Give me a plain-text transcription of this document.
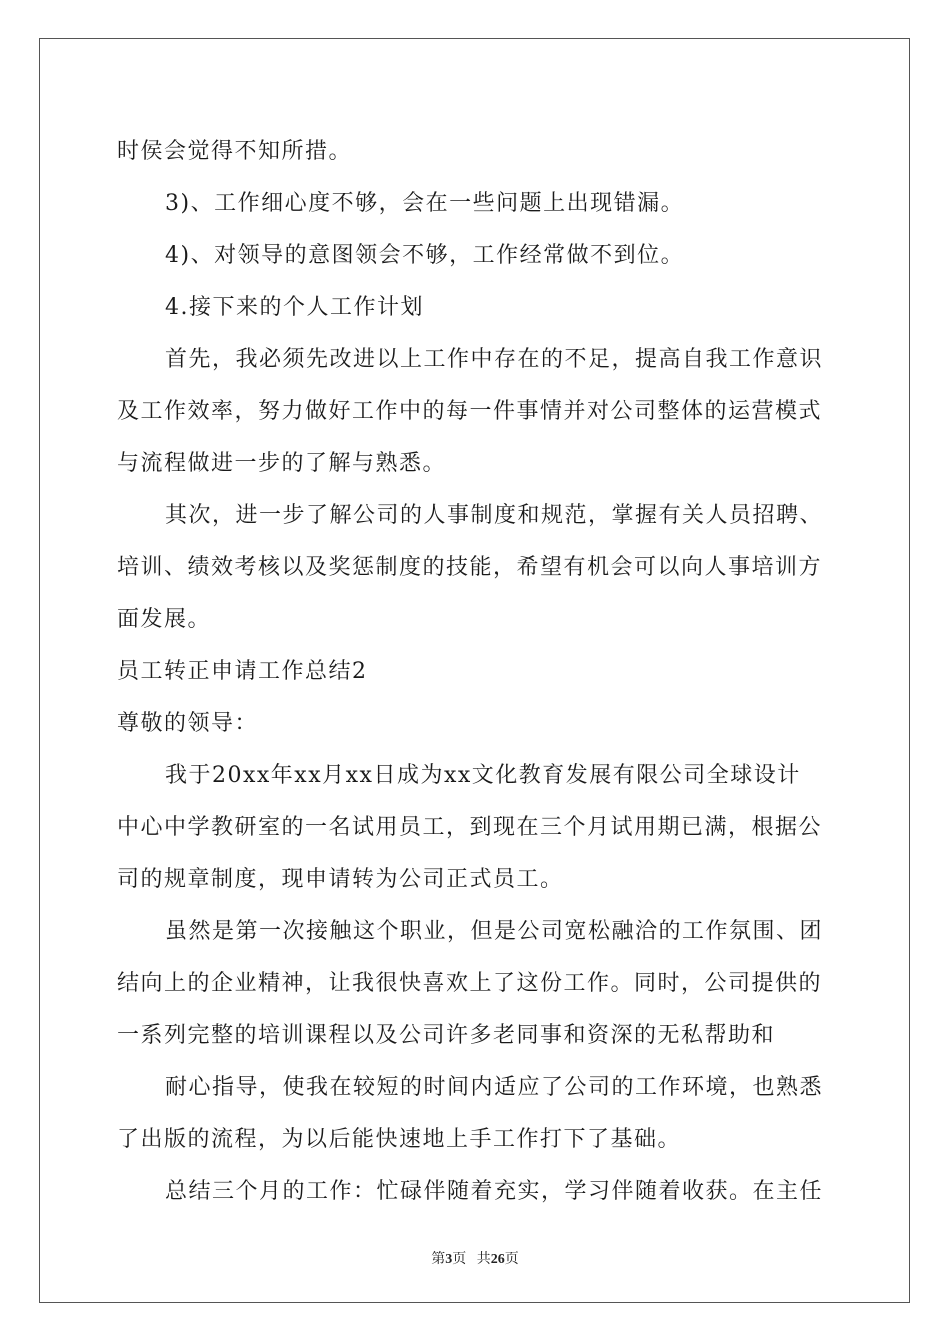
时侯会觉得不知所措。
3)、工作细心度不够，会在一些问题上出现错漏。
4)、对领导的意图领会不够，工作经常做不到位。
4.接下来的个人工作计划
首先，我必须先改进以上工作中存在的不足，提高自我工作意识
及工作效率，努力做好工作中的每一件事情并对公司整体的运营模式
与流程做进一步的了解与熟悉。
其次，进一步了解公司的人事制度和规范，掌握有关人员招聘、
培训、绩效考核以及奖惩制度的技能，希望有机会可以向人事培训方
面发展。
员工转正申请工作总结2
尊敬的领导：
我于20xx年xx月xx日成为xx文化教育发展有限公司全球设计
中心中学教研室的一名试用员工，到现在三个月试用期已满，根据公
司的规章制度，现申请转为公司正式员工。
虽然是第一次接触这个职业，但是公司宽松融洽的工作氛围、团
结向上的企业精神，让我很快喜欢上了这份工作。同时，公司提供的
一系列完整的培训课程以及公司许多老同事和资深的无私帮助和
耐心指导，使我在较短的时间内适应了公司的工作环境，也熟悉
了出版的流程，为以后能快速地上手工作打下了基础。
总结三个月的工作：忙碌伴随着充实，学习伴随着收获。在主任
第3页 共26页
